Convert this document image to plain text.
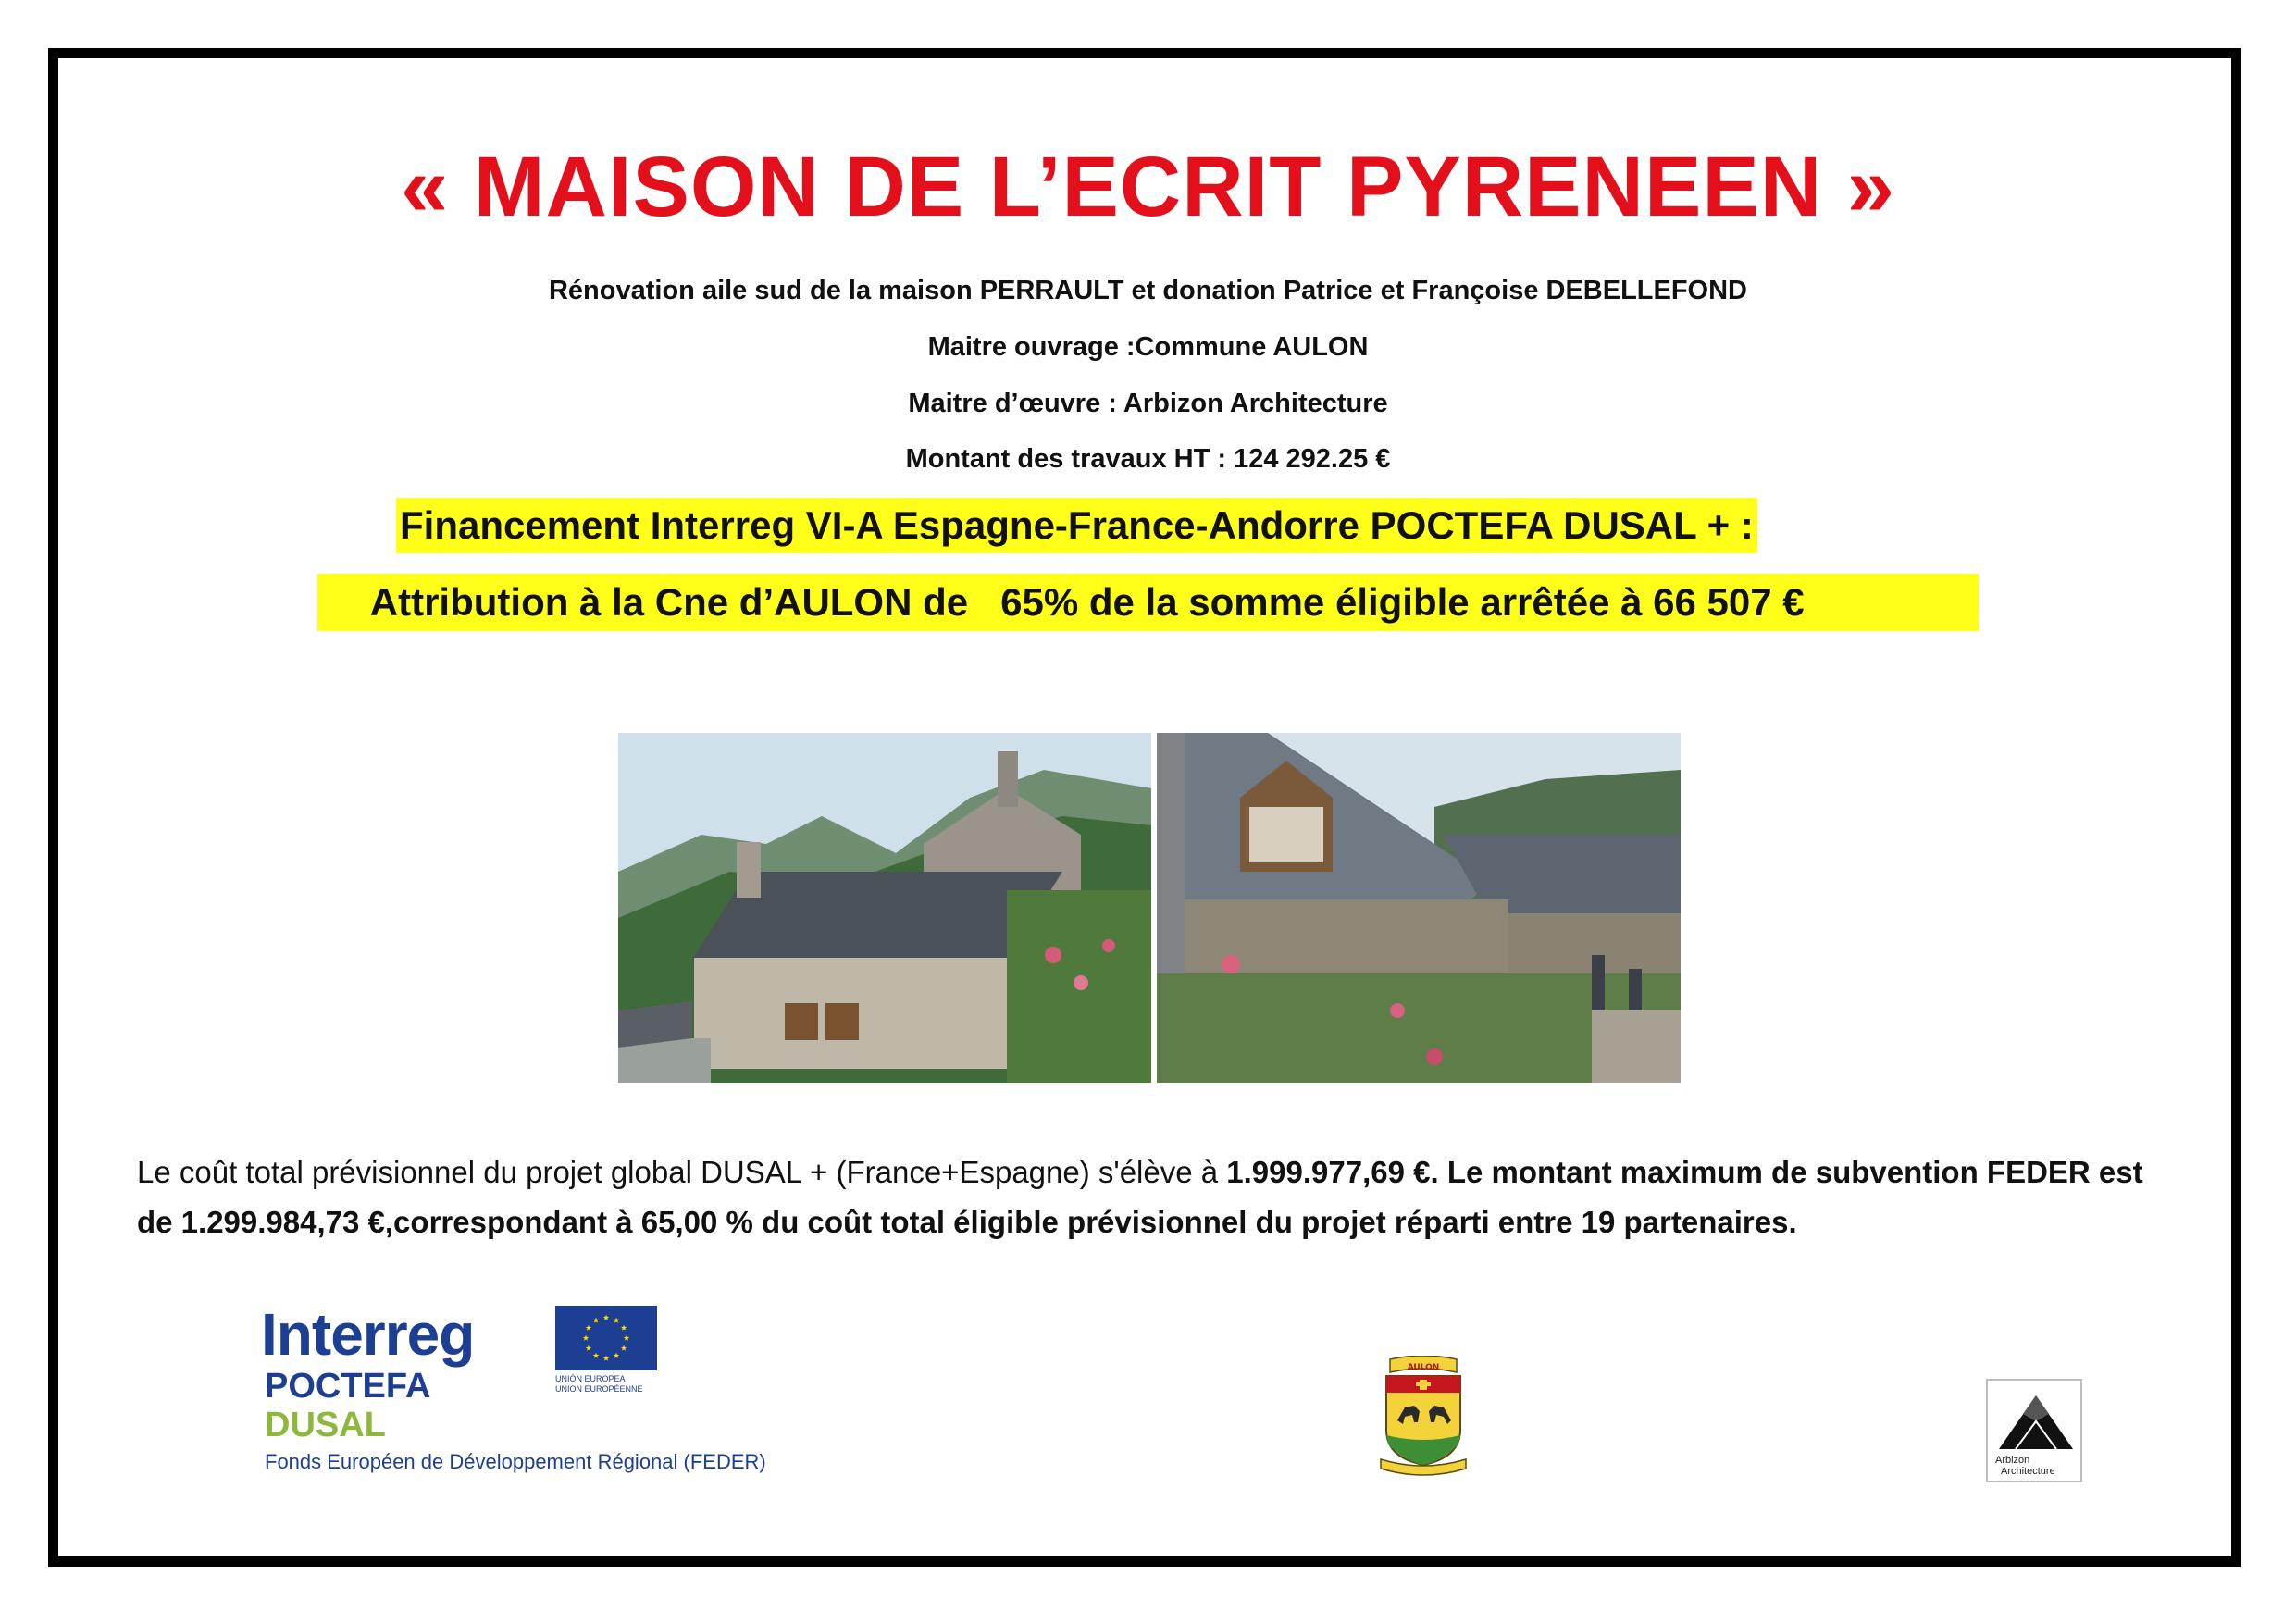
« MAISON DE L’ECRIT PYRENEEN »
Rénovation aile sud de la maison PERRAULT et donation Patrice et Françoise DEBELLEFOND
Maitre ouvrage :Commune AULON
Maitre d’œuvre : Arbizon Architecture
Montant des travaux HT : 124 292.25 €
Financement Interreg VI-A Espagne-France-Andorre POCTEFA DUSAL + :
Attribution à la Cne d’AULON de   65% de la somme éligible arrêtée à 66 507 €
Le coût total prévisionnel du projet global DUSAL + (France+Espagne) s'élève à 1.999.977,69 €. Le montant maximum de subvention FEDER est de 1.299.984,73 €,correspondant à 65,00 % du coût total éligible prévisionnel du projet réparti entre 19 partenaires.
Interreg
POCTEFA
DUSAL
Fonds Européen de Développement Régional (FEDER)
UNIÓN EUROPEA
UNION EUROPÉENNE
AULON
Arbizon
Architecture
